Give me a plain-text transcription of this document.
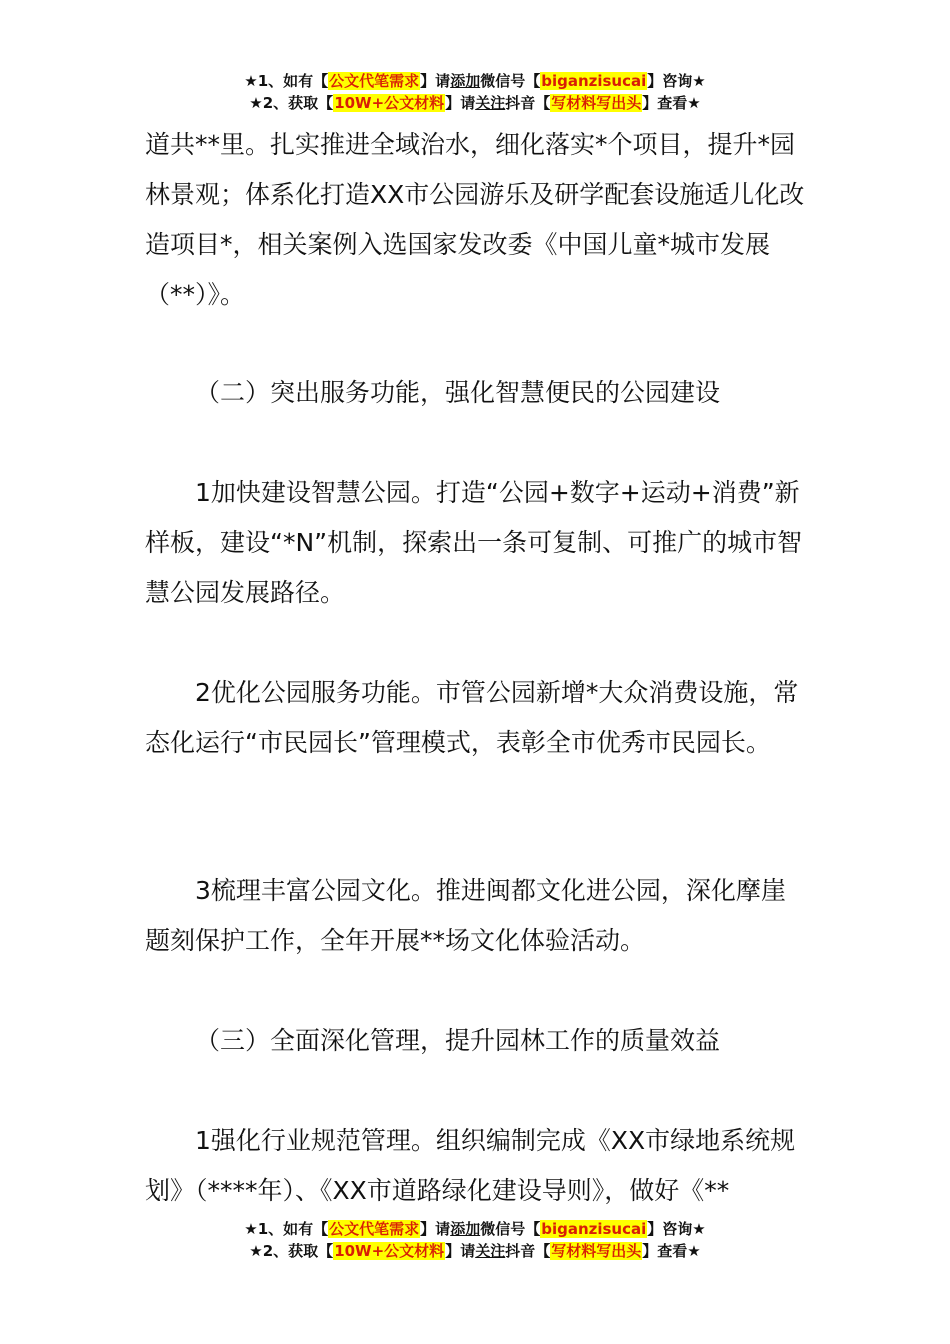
★1、如有【公文代笔需求】请添加微信号【biganzisucai】咨询★
★2、获取【10W+公文材料】请关注抖音【写材料写出头】查看★

道共**里。扎实推进全域治水，细化落实*个项目，提升*园林景观；体系化打造XX市公园游乐及研学配套设施适儿化改造项目*，相关案例入选国家发改委《中国儿童*城市发展（**）》。

（二）突出服务功能，强化智慧便民的公园建设

1加快建设智慧公园。打造“公园+数字+运动+消费”新样板，建设“*N”机制，探索出一条可复制、可推广的城市智慧公园发展路径。

2优化公园服务功能。市管公园新增*大众消费设施，常态化运行“市民园长”管理模式，表彰全市优秀市民园长。

3梳理丰富公园文化。推进闽都文化进公园，深化摩崖题刻保护工作，全年开展**场文化体验活动。

（三）全面深化管理，提升园林工作的质量效益

1强化行业规范管理。组织编制完成《XX市绿地系统规划》（****年）、《XX市道路绿化建设导则》，做好《**

★1、如有【公文代笔需求】请添加微信号【biganzisucai】咨询★
★2、获取【10W+公文材料】请关注抖音【写材料写出头】查看★
